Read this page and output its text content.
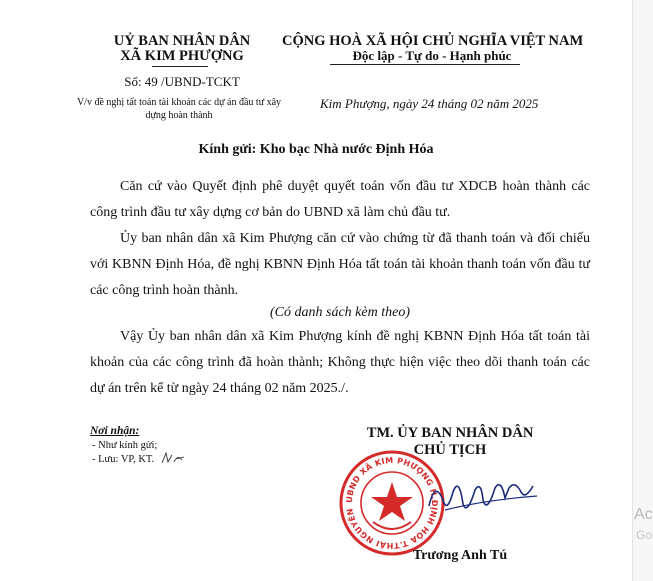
UỶ BAN NHÂN DÂN
XÃ KIM PHƯỢNG
Số: 49 /UBND-TCKT
V/v đề nghị tất toán tài khoản các dự án đầu tư xây dựng hoàn thành
CỘNG HOÀ XÃ HỘI CHỦ NGHĨA VIỆT NAM
Độc lập - Tự do - Hạnh phúc
Kim Phượng, ngày 24 tháng 02 năm 2025
Kính gửi: Kho bạc Nhà nước Định Hóa
Căn cứ vào Quyết định phê duyệt quyết toán vốn đầu tư XDCB hoàn thành các công trình đầu tư xây dựng cơ bản do UBND xã làm chủ đầu tư.
Ủy ban nhân dân xã Kim Phượng căn cứ vào chứng từ đã thanh toán và đối chiếu với KBNN Định Hóa, đề nghị KBNN Định Hóa tất toán tài khoản thanh toán vốn đầu tư các công trình hoàn thành.
(Có danh sách kèm theo)
Vậy Ủy ban nhân dân xã Kim Phượng kính đề nghị KBNN Định Hóa tất toán tài khoản của các công trình đã hoàn thành; Không thực hiện việc theo dõi thanh toán các dự án trên kể từ ngày 24 tháng 02 năm 2025./.
Nơi nhận:
- Như kính gửi;
- Lưu: VP, KT.
TM. ỦY BAN NHÂN DÂN
CHỦ TỊCH
UBND XÃ KIM PHƯỢNG H.ĐỊNH HÓA T.THÁI NGUYÊN
Trương Anh Tú
Ac
Go
